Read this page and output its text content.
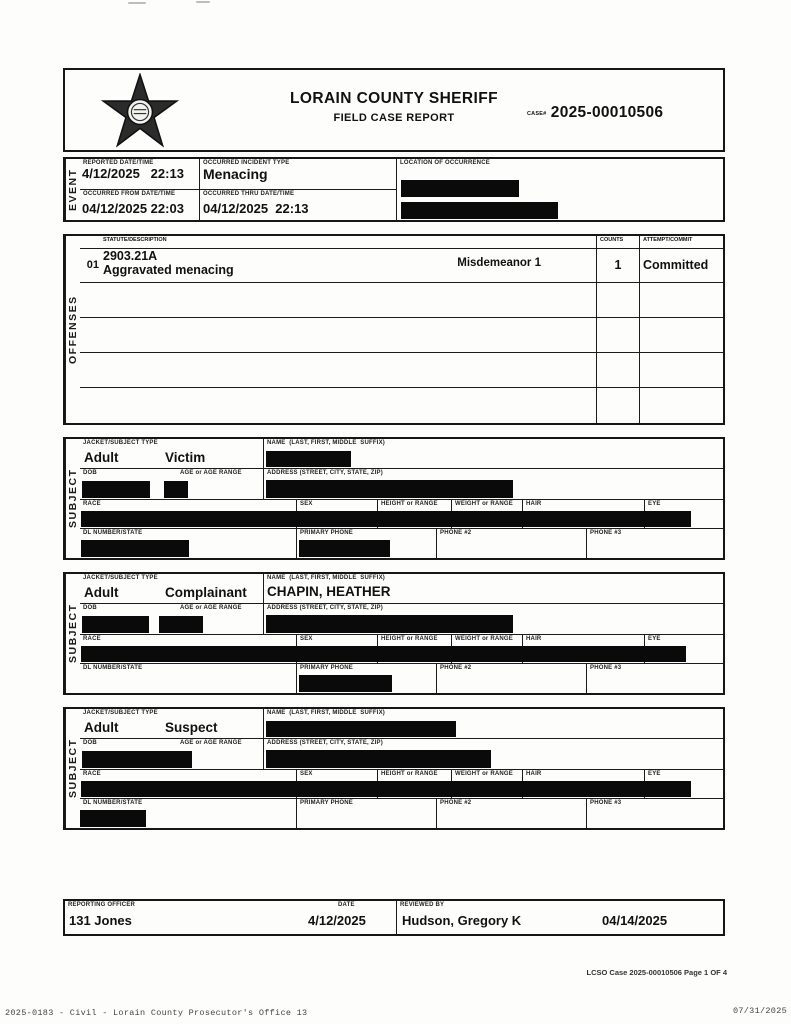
LORAIN COUNTY SHERIFF
FIELD CASE REPORT	CASE# 2025-00010506
EVENT
REPORTED DATE/TIME
4/12/2025   22:13
OCCURRED INCIDENT TYPE
Menacing
OCCURRED FROM DATE/TIME
04/12/2025 22:03
OCCURRED THRU DATE/TIME
04/12/2025  22:13
LOCATION OF OCCURRENCE
OFFENSES
STATUTE/DESCRIPTION	COUNTS	ATTEMPT/COMMIT
01
2903.21A
Aggravated menacing	Misdemeanor 1	1	Committed
SUBJECT
JACKET/SUBJECT TYPE
Adult	Victim
NAME  (LAST, FIRST, MIDDLE  SUFFIX)
DOB	AGE or AGE RANGE	ADDRESS (STREET, CITY, STATE, ZIP)
RACE	SEX	HEIGHT or RANGE	WEIGHT or RANGE	HAIR	EYE
DL NUMBER/STATE	PRIMARY PHONE	PHONE #2	PHONE #3
SUBJECT
JACKET/SUBJECT TYPE
Adult	Complainant
NAME  (LAST, FIRST, MIDDLE  SUFFIX)
CHAPIN, HEATHER
DOB	AGE or AGE RANGE	ADDRESS (STREET, CITY, STATE, ZIP)
RACE	SEX	HEIGHT or RANGE	WEIGHT or RANGE	HAIR	EYE
DL NUMBER/STATE	PRIMARY PHONE	PHONE #2	PHONE #3
SUBJECT
JACKET/SUBJECT TYPE
Adult	Suspect
NAME  (LAST, FIRST, MIDDLE  SUFFIX)
DOB	AGE or AGE RANGE	ADDRESS (STREET, CITY, STATE, ZIP)
RACE	SEX	HEIGHT or RANGE	WEIGHT or RANGE	HAIR	EYE
DL NUMBER/STATE	PRIMARY PHONE	PHONE #2	PHONE #3
REPORTING OFFICER	DATE
131 Jones	4/12/2025
REVIEWED BY
Hudson, Gregory K	04/14/2025
LCSO Case 2025-00010506 Page 1 OF 4
2025-0183 - Civil - Lorain County Prosecutor's Office 13	07/31/2025
